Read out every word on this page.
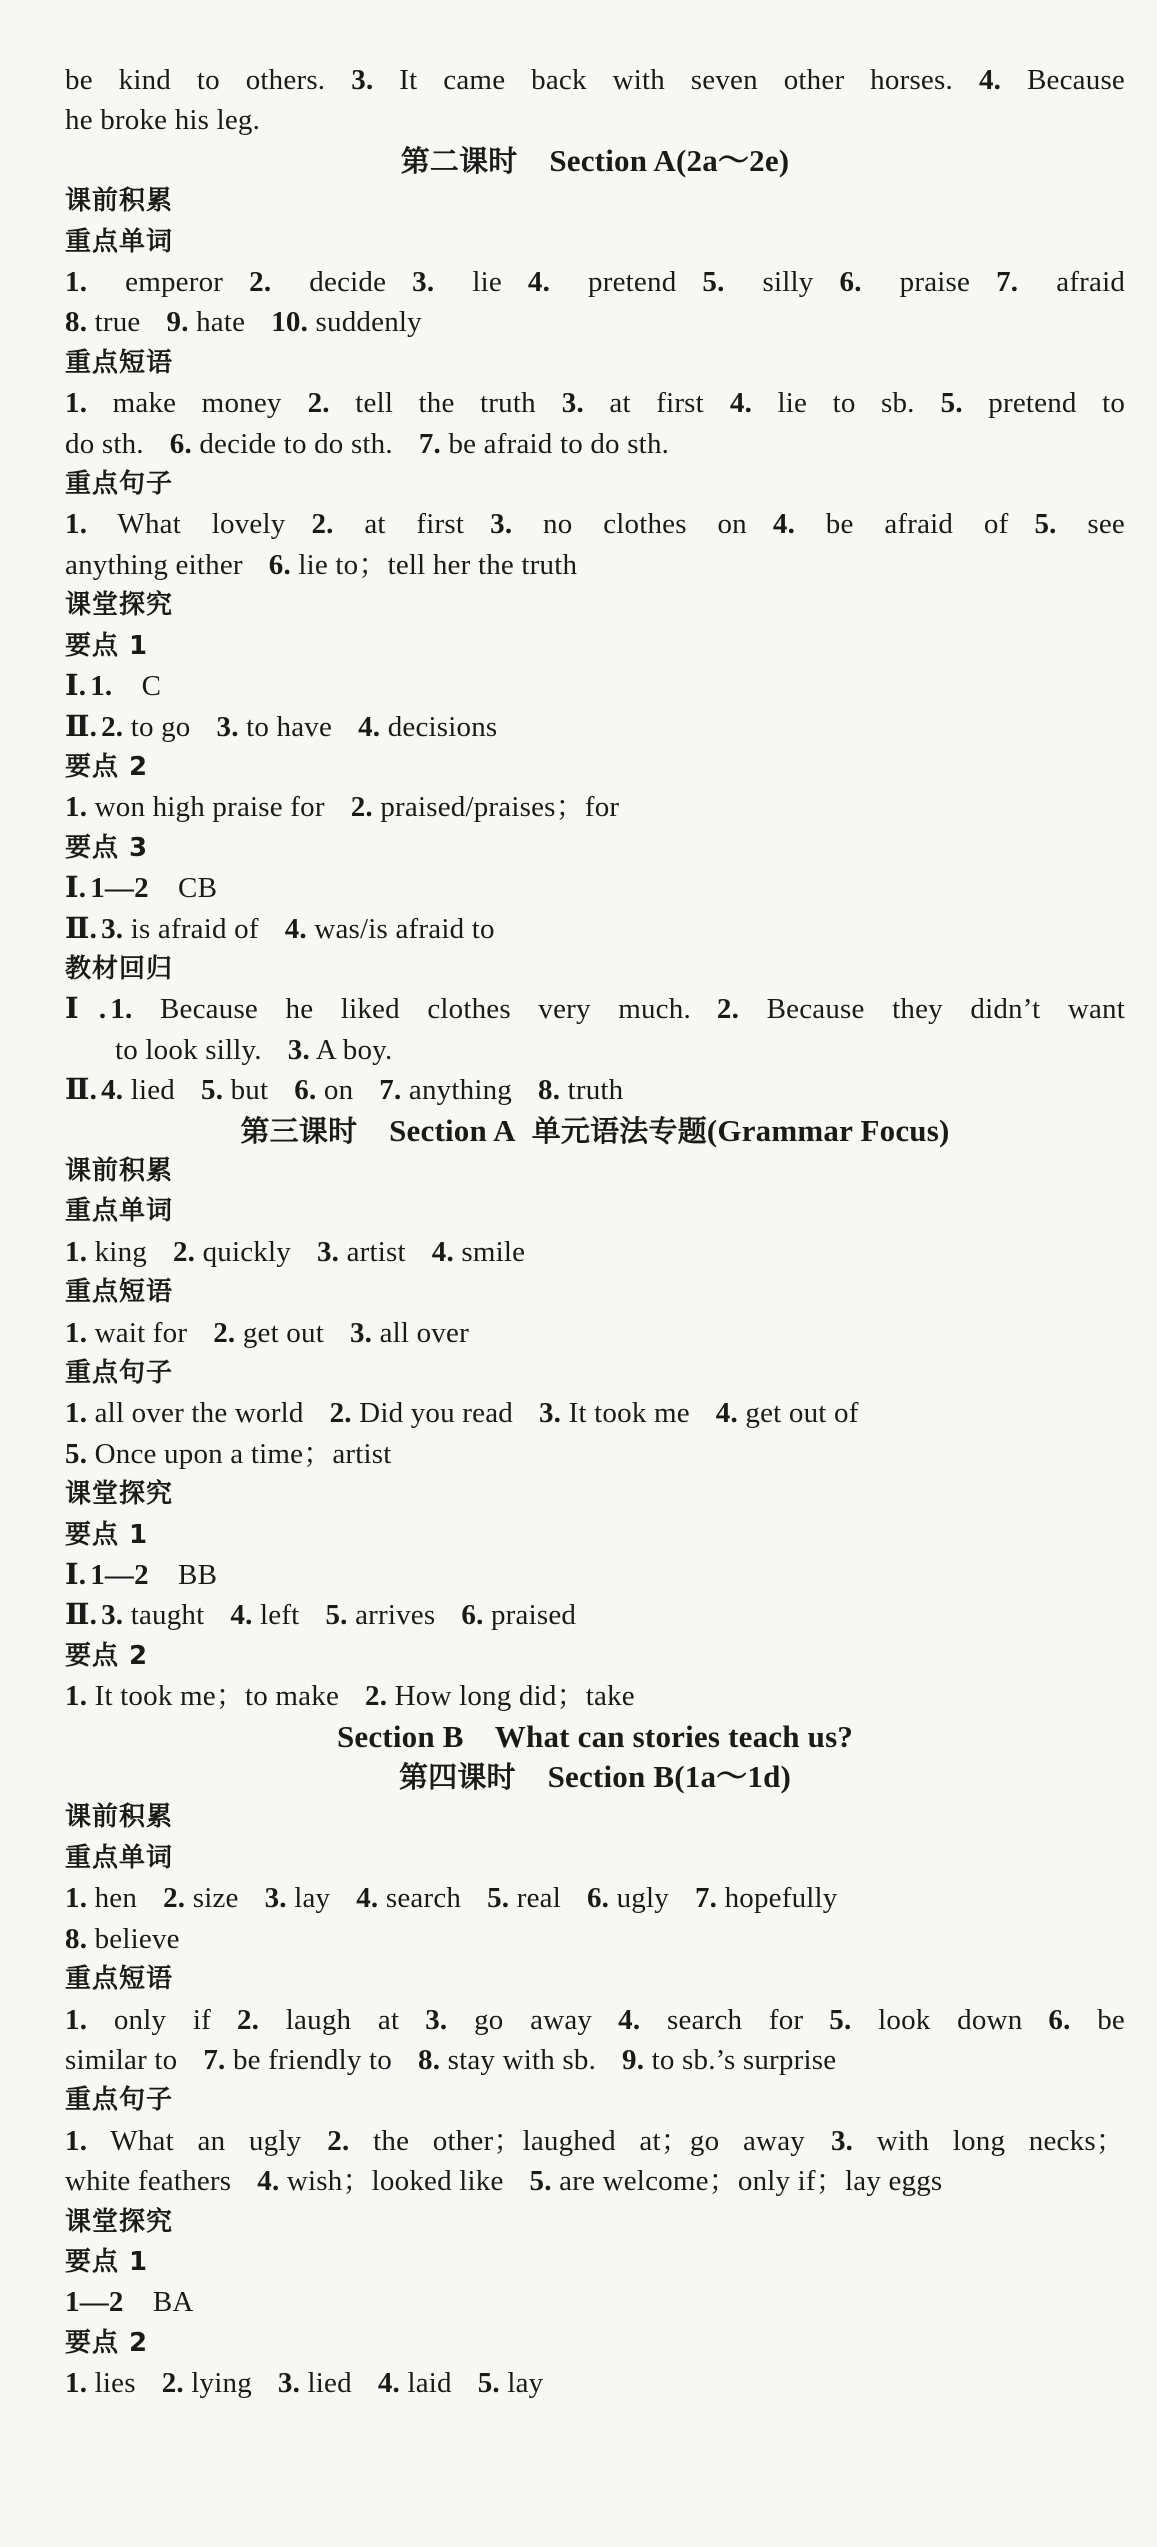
be kind to others. 3. It came back with seven other horses. 4. Because
he broke his leg.
第二课时 Section A(2a～2e)
课前积累
重点单词
1. emperor 2. decide 3. lie 4. pretend 5. silly 6. praise 7. afraid
8. true 9. hate 10. suddenly
重点短语
1. make money 2. tell the truth 3. at first 4. lie to sb. 5. pretend to
do sth. 6. decide to do sth. 7. be afraid to do sth.
重点句子
1. What lovely 2. at first 3. no clothes on 4. be afraid of 5. see
anything either 6. lie to；tell her the truth
课堂探究
要点 1
Ⅰ. 1.  C
Ⅱ. 2. to go 3. to have 4. decisions
要点 2
1. won high praise for 2. praised/praises；for
要点 3
Ⅰ. 1—2  CB
Ⅱ. 3. is afraid of 4. was/is afraid to
教材回归
Ⅰ. 1. Because he liked clothes very much. 2. Because they didn’t want
to look silly. 3. A boy.
Ⅱ. 4. lied 5. but 6. on 7. anything 8. truth
第三课时 Section A 单元语法专题(Grammar Focus)
课前积累
重点单词
1. king 2. quickly 3. artist 4. smile
重点短语
1. wait for 2. get out 3. all over
重点句子
1. all over the world 2. Did you read 3. It took me 4. get out of
5. Once upon a time；artist
课堂探究
要点 1
Ⅰ. 1—2  BB
Ⅱ. 3. taught 4. left 5. arrives 6. praised
要点 2
1. It took me；to make 2. How long did；take
Section B　What can stories teach us?
第四课时 Section B(1a～1d)
课前积累
重点单词
1. hen 2. size 3. lay 4. search 5. real 6. ugly 7. hopefully
8. believe
重点短语
1. only if 2. laugh at 3. go away 4. search for 5. look down 6. be
similar to 7. be friendly to 8. stay with sb. 9. to sb.’s surprise
重点句子
1. What an ugly 2. the other；laughed at；go away 3. with long necks；
white feathers 4. wish；looked like 5. are welcome；only if；lay eggs
课堂探究
要点 1
1—2  BA
要点 2
1. lies 2. lying 3. lied 4. laid 5. lay
